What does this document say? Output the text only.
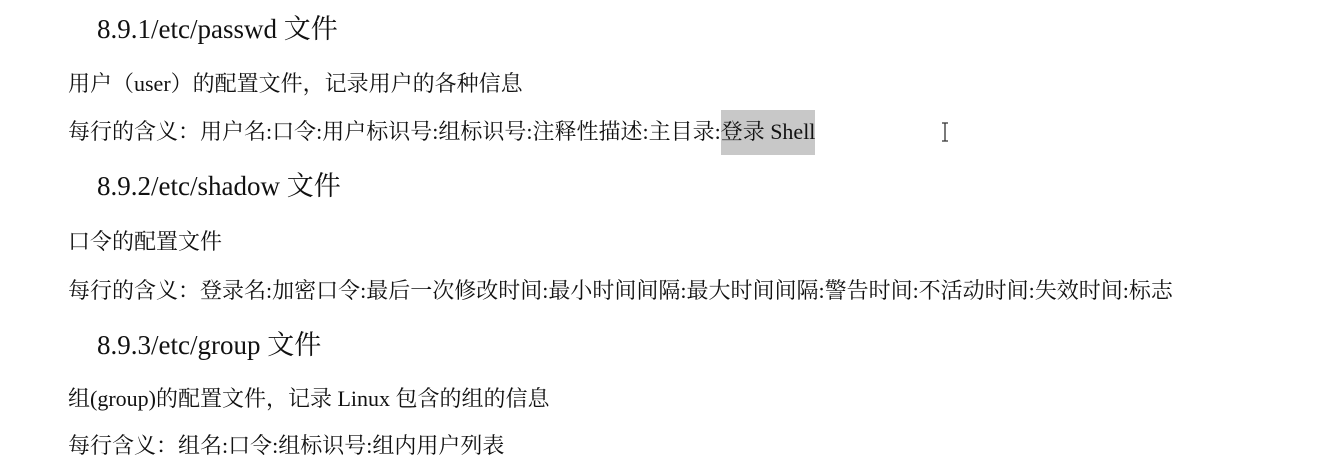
8.9.1/etc/passwd 文件
用户（user）的配置文件，记录用户的各种信息
每行的含义：用户名:口令:用户标识号:组标识号:注释性描述:主目录:登录 Shell
8.9.2/etc/shadow 文件
口令的配置文件
每行的含义：登录名:加密口令:最后一次修改时间:最小时间间隔:最大时间间隔:警告时间:不活动时间:失效时间:标志
8.9.3/etc/group 文件
组(group)的配置文件，记录 Linux 包含的组的信息
每行含义：组名:口令:组标识号:组内用户列表
